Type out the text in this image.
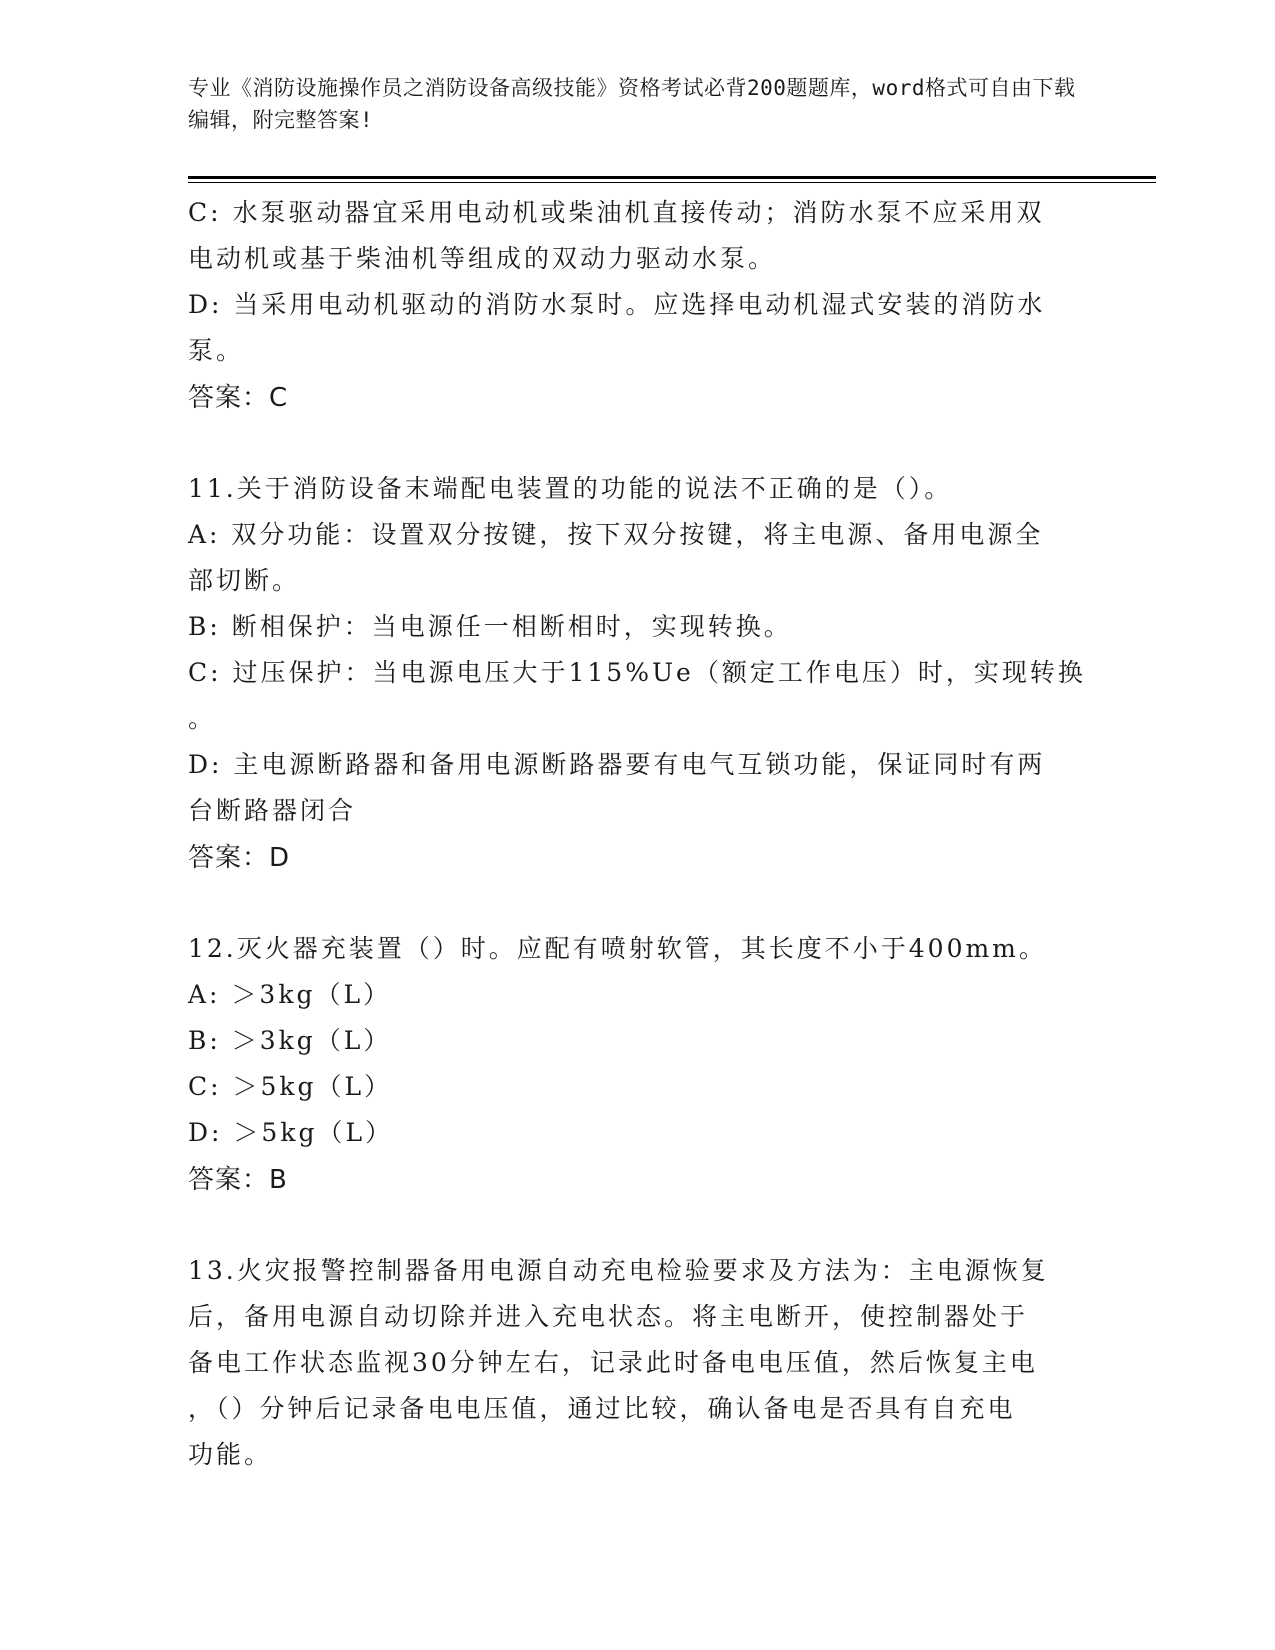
专业《消防设施操作员之消防设备高级技能》资格考试必背200题题库，word格式可自由下载编辑，附完整答案!
C: 水泵驱动器宜采用电动机或柴油机直接传动；消防水泵不应采用双
电动机或基于柴油机等组成的双动力驱动水泵。
D: 当采用电动机驱动的消防水泵时。应选择电动机湿式安装的消防水
泵。
答案：C
11.关于消防设备末端配电装置的功能的说法不正确的是（）。
A: 双分功能：设置双分按键，按下双分按键，将主电源、备用电源全
部切断。
B: 断相保护：当电源任一相断相时，实现转换。
C: 过压保护：当电源电压大于115%Ue（额定工作电压）时，实现转换
。
D: 主电源断路器和备用电源断路器要有电气互锁功能，保证同时有两
台断路器闭合
答案：D
12.灭火器充装置（）时。应配有喷射软管，其长度不小于400mm。
A: ＞3kg（L）
B: ＞3kg（L）
C: ＞5kg（L）
D: ＞5kg（L）
答案：B
13.火灾报警控制器备用电源自动充电检验要求及方法为：主电源恢复
后，备用电源自动切除并进入充电状态。将主电断开，使控制器处于
备电工作状态监视30分钟左右，记录此时备电电压值，然后恢复主电
，（）分钟后记录备电电压值，通过比较，确认备电是否具有自充电
功能。
